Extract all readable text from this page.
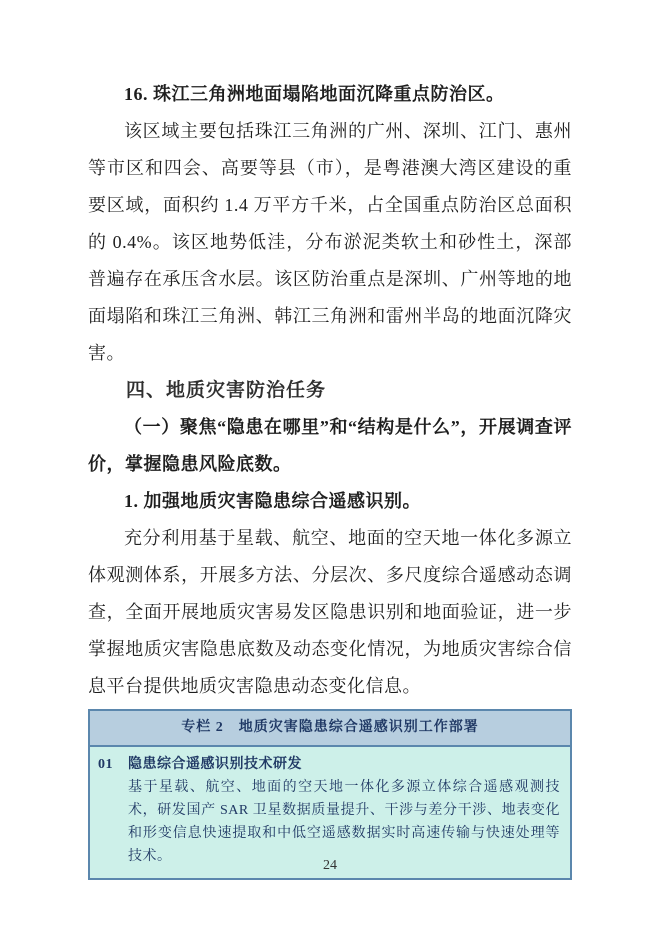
16. 珠江三角洲地面塌陷地面沉降重点防治区。

该区域主要包括珠江三角洲的广州、深圳、江门、惠州等市区和四会、高要等县（市），是粤港澳大湾区建设的重要区域，面积约 1.4 万平方千米，占全国重点防治区总面积的 0.4%。该区地势低洼，分布淤泥类软土和砂性土，深部普遍存在承压含水层。该区防治重点是深圳、广州等地的地面塌陷和珠江三角洲、韩江三角洲和雷州半岛的地面沉降灾害。

四、地质灾害防治任务

（一）聚焦“隐患在哪里”和“结构是什么”，开展调查评价，掌握隐患风险底数。

1. 加强地质灾害隐患综合遥感识别。

充分利用基于星载、航空、地面的空天地一体化多源立体观测体系，开展多方法、分层次、多尺度综合遥感动态调查，全面开展地质灾害易发区隐患识别和地面验证，进一步掌握地质灾害隐患底数及动态变化情况，为地质灾害综合信息平台提供地质灾害隐患动态变化信息。

专栏 2　地质灾害隐患综合遥感识别工作部署
01	隐患综合遥感识别技术研发

基于星载、航空、地面的空天地一体化多源立体综合遥感观测技术，研发国产 SAR 卫星数据质量提升、干涉与差分干涉、地表变化和形变信息快速提取和中低空遥感数据实时高速传输与快速处理等技术。

24
